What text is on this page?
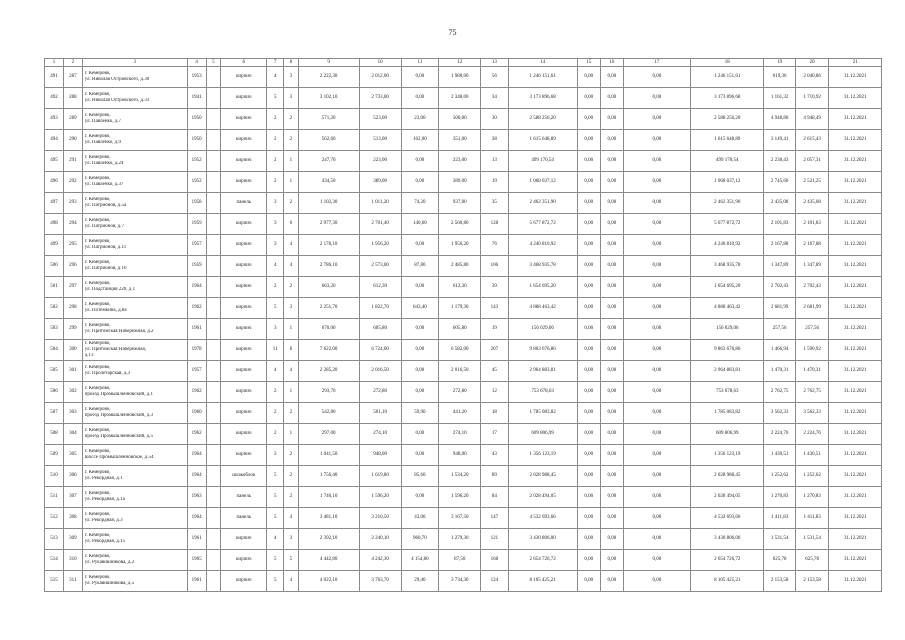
75
1	2	3	4	5	6	7	8	9	10	11	12	13	14	15	16	17	18	19	20	21
491	287	г. Кемерово,
ул. Николая Островского, д.30	1953		кирпич	4	3	2 222,30	2 012,00	0,00	1 980,00	56	1 246 151,61	0,00	0,00	0,00	1 246 151,61	619,36	2 040,86	31.12.2021
492	288	г. Кемерово,
ул. Николая Островского, д.33	1941		кирпич	5	3	3 102,10	2 733,00	0,00	2 348,00	34	3 173 896,68	0,00	0,00	0,00	3 173 896,68	1 161,32	1 710,92	31.12.2021
493	289	г. Кемерово,
ул. Павленко, д.7	1950		кирпич	2	2	571,20	523,00	23,00	500,00	30	2 588 256,20	0,00	0,00	0,00	2 588 256,20	4 948,86	4 948,49	31.12.2021
494	290	г. Кемерово,
ул. Павленко, д.9	1950		кирпич	2	2	562,60	513,00	162,00	351,00	38	1 615 648,89	0,00	0,00	0,00	1 615 648,89	3 149,41	2 615,43	31.12.2021
495	291	г. Кемерово,
ул. Павленко, д.24	1952		кирпич	2	1	247,70	223,00	0,00	223,00	13	499 170,54	0,00	0,00	0,00	499 170,54	2 238,43	2 057,31	31.12.2021
496	292	г. Кемерово,
ул. Павленко, д.37	1952		кирпич	2	1	434,50	389,00	0,00	389,00	19	1 068 037,12	0,00	0,00	0,00	1 068 037,12	2 745,60	2 521,25	31.12.2021
497	293	г. Кемерово,
ул. Патрионов, д.5а	1958		панель	3	2	1 102,30	1 011,20	74,20	937,00	35	2 462 351,90	0,00	0,00	0,00	2 462 351,90	2 435,08	2 435,08	31.12.2021
498	294	г. Кемерово,
ул. Патрионов, д.7	1959		кирпич	3	6	2 977,30	2 701,40	140,60	2 560,80	128	5 677 872,72	0,00	0,00	0,00	5 677 872,72	2 101,83	2 101,83	31.12.2021
499	295	г. Кемерово,
ул. Патрионов, д.11	1957		кирпич	3	4	2 178,10	1 956,20	0,00	1 956,20	76	4 240 810,92	0,00	0,00	0,00	4 240 810,92	2 167,88	2 167,88	31.12.2021
500	296	г. Кемерово,
ул. Патрионов, д.16	1959		кирпич	4	4	2 786,10	2 573,00	87,80	2 485,80	106	3 468 935,78	0,00	0,00	0,00	3 468 935,78	1 347,89	1 347,89	31.12.2021
501	297	г. Кемерово,
ул. Подстанция 220, д.1	1964		кирпич	2	2	663,20	612,30	0,00	612,30	39	1 654 695,20	0,00	0,00	0,00	1 654 695,20	2 702,43	2 702,43	31.12.2021
502	298	г. Кемерово,
ул. Потемкина, д.8а	1962		кирпич	5	3	2 251,70	1 822,70	643,40	1 179,30	143	4 888 463,42	0,00	0,00	0,00	4 888 463,42	2 681,99	2 681,99	31.12.2021
503	299	г. Кемерово,
ул. Притомская Набережная, д.2	1961		кирпич	3	1	670,00	605,80	0,00	605,80	19	156 029,06	0,00	0,00	0,00	156 029,06	257,56	257,56	31.12.2021
504	300	г. Кемерово,
ул. Притомская Набережная,
д.13	1978		кирпич	11	8	7 622,00	6 724,00	0,00	6 582,00	207	9 863 676,86	0,00	0,00	0,00	9 863 676,86	1 466,94	1 590,92	31.12.2021
505	301	г. Кемерово,
ул. Пролетарская, д.3	1957		кирпич	4	4	2 285,20	2 016,50	0,00	2 016,50	45	2 964 883,81	0,00	0,00	0,00	2 964 883,81	1 470,31	1 470,31	31.12.2021
506	302	г. Кемерово,
проезд Промышленновский, д.1	1962		кирпич	2	1	293,70	272,80	0,00	272,80	12	753 678,63	0,00	0,00	0,00	753 678,63	2 762,75	2 762,75	31.12.2021
507	303	г. Кемерово,
проезд Промышленновский, д.3	1960		кирпич	2	2	542,80	501,10	59,90	441,20	18	1 785 083,82	0,00	0,00	0,00	1 785 083,82	3 562,33	3 562,33	31.12.2021
508	304	г. Кемерово,
проезд Промышленновский, д.5	1962		кирпич	2	1	297,00	274,10	0,00	274,10	17	609 806,99	0,00	0,00	0,00	609 806,99	2 224,76	2 224,76	31.12.2021
509	305	г. Кемерово,
шоссе Промышленновское, д.54	1964		кирпич	3	2	1 041,50	948,00	0,00	948,00	43	1 356 123,19	0,00	0,00	0,00	1 356 123,19	1 430,51	1 430,51	31.12.2021
510	306	г. Кемерово,
ул. Рекордная, д.1	1964		шлакоблок	5	2	1 756,40	1 619,80	85,60	1 534,20	89	2 028 988,45	0,00	0,00	0,00	2 028 988,45	1 252,62	1 252,62	31.12.2021
511	307	г. Кемерово,
ул. Рекордная, д.1а	1963		панель	5	2	1 746,10	1 596,20	0,00	1 596,20	84	2 028 494,05	0,00	0,00	0,00	2 028 494,05	1 270,83	1 270,83	31.12.2021
512	308	г. Кемерово,
ул. Рекордная, д.3	1964		панель	5	4	3 481,10	3 210,50	43,00	3 167,50	147	4 532 693,66	0,00	0,00	0,00	4 532 693,66	1 411,83	1 411,83	31.12.2021
513	309	г. Кемерово,
ул. Рекордная, д.15	1961		кирпич	4	3	2 392,10	2 240,10	960,70	1 279,30	121	3 430 806,00	0,00	0,00	0,00	3 430 806,00	1 531,54	1 531,54	31.12.2021
514	310	г. Кемерово,
ул. Рукавишникова, д.2	1965		кирпич	5	5	4 442,80	4 242,30	4 154,80	87,50	168	2 654 726,72	0,00	0,00	0,00	2 654 726,72	625,78	625,78	31.12.2021
515	311	г. Кемерово,
ул. Рукавишникова, д.5	1961		кирпич	5	4	4 022,10	3 763,70	29,40	3 734,30	124	8 105 425,21	0,00	0,00	0,00	8 105 425,21	2 153,58	2 153,58	31.12.2021
